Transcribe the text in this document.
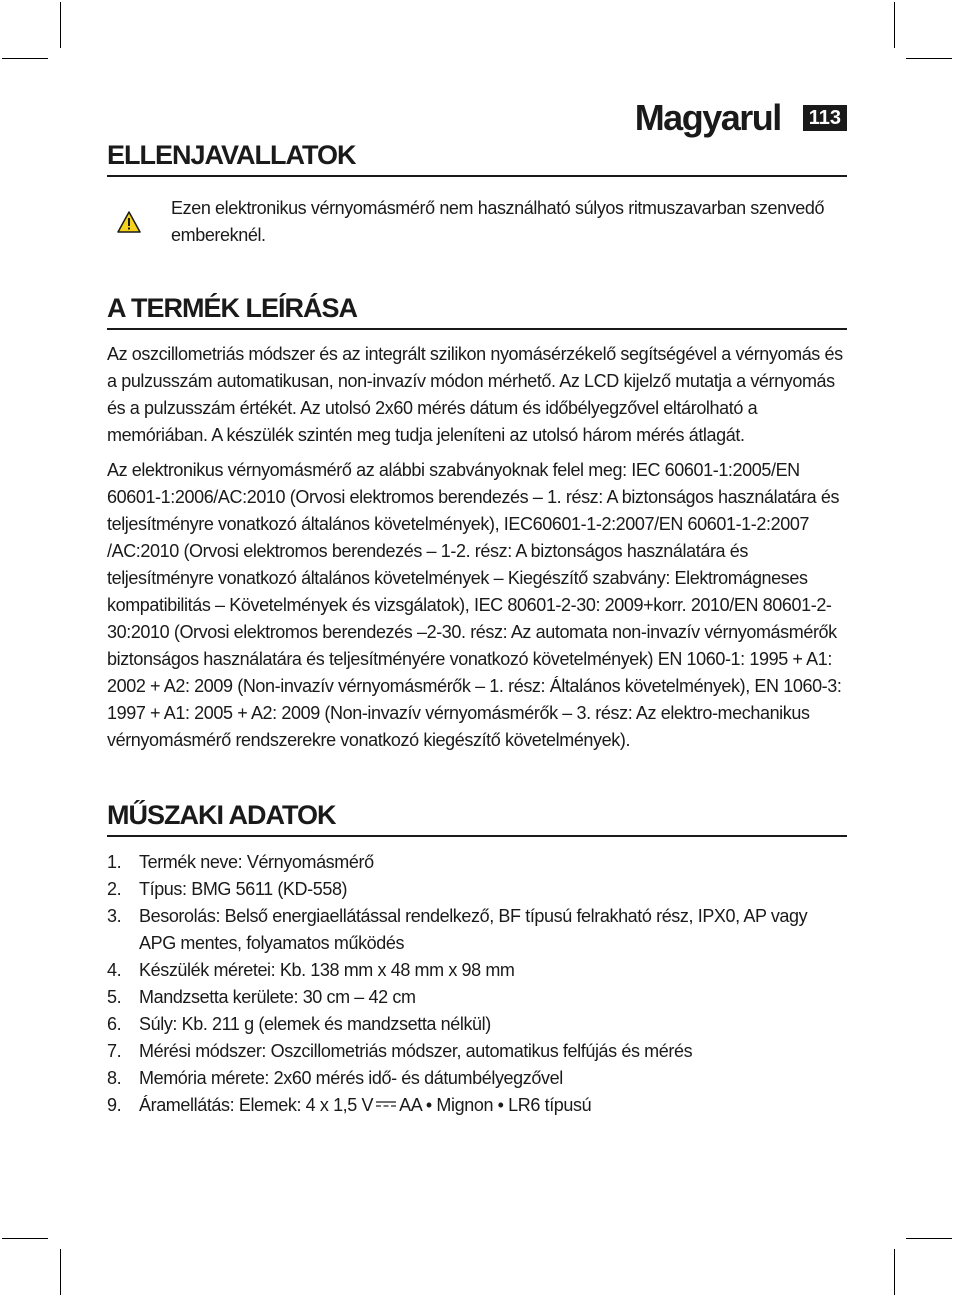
Magyarul	113
ELLENJAVALLATOK

Ezen elektronikus vérnyomásmérő nem használható súlyos ritmuszavarban szenvedő embereknél.

A TERMÉK LEÍRÁSA

Az oszcillometriás módszer és az integrált szilikon nyomásérzékelő segítségével a vérnyomás és a pulzusszám automatikusan, non-invazív módon mérhető. Az LCD kijelző mutatja a vérnyomás és a pulzusszám értékét. Az utolsó 2x60 mérés dátum és időbélyegzővel eltárolható a memóriában. A készülék szintén meg tudja jeleníteni az utolsó három mérés átlagát.

Az elektronikus vérnyomásmérő az alábbi szabványoknak felel meg: IEC 60601-1:2005/EN 60601-1:2006/AC:2010 (Orvosi elektromos berendezés – 1. rész: A biztonságos használatára és teljesítményre vonatkozó általános követelmények), IEC60601-1-2:2007/EN 60601-1-2:2007 /AC:2010 (Orvosi elektromos berendezés – 1-2. rész: A biztonságos használatára és teljesítményre vonatkozó általános követelmények – Kiegészítő szabvány: Elektromágneses kompatibilitás – Követelmények és vizsgálatok), IEC 80601-2-30: 2009+korr. 2010/EN 80601-2-30:2010 (Orvosi elektromos berendezés –2-30. rész: Az automata non-invazív vérnyomásmérők biztonságos használatára és teljesítményére vonatkozó követelmények) EN 1060-1: 1995 + A1: 2002 + A2: 2009 (Non-invazív vérnyomásmérők – 1. rész: Általános követelmények), EN 1060-3: 1997 + A1: 2005 + A2: 2009 (Non-invazív vérnyomásmérők – 3. rész: Az elektro-mechanikus vérnyomásmérő rendszerekre vonatkozó kiegészítő követelmények).

MŰSZAKI ADATOK
1. Termék neve: Vérnyomásmérő
2. Típus: BMG 5611 (KD-558)
3. Besorolás: Belső energiaellátással rendelkező, BF típusú felrakható rész, IPX0, AP vagy APG mentes, folyamatos működés
4. Készülék méretei: Kb. 138 mm x 48 mm x 98 mm
5. Mandzsetta kerülete: 30 cm – 42 cm
6. Súly: Kb. 211 g (elemek és mandzsetta nélkül)
7. Mérési módszer: Oszcillometriás módszer, automatikus felfújás és mérés
8. Memória mérete: 2x60 mérés idő- és dátumbélyegzővel
9. Áramellátás: Elemek: 4 x 1,5 V AA • Mignon • LR6 típusú
